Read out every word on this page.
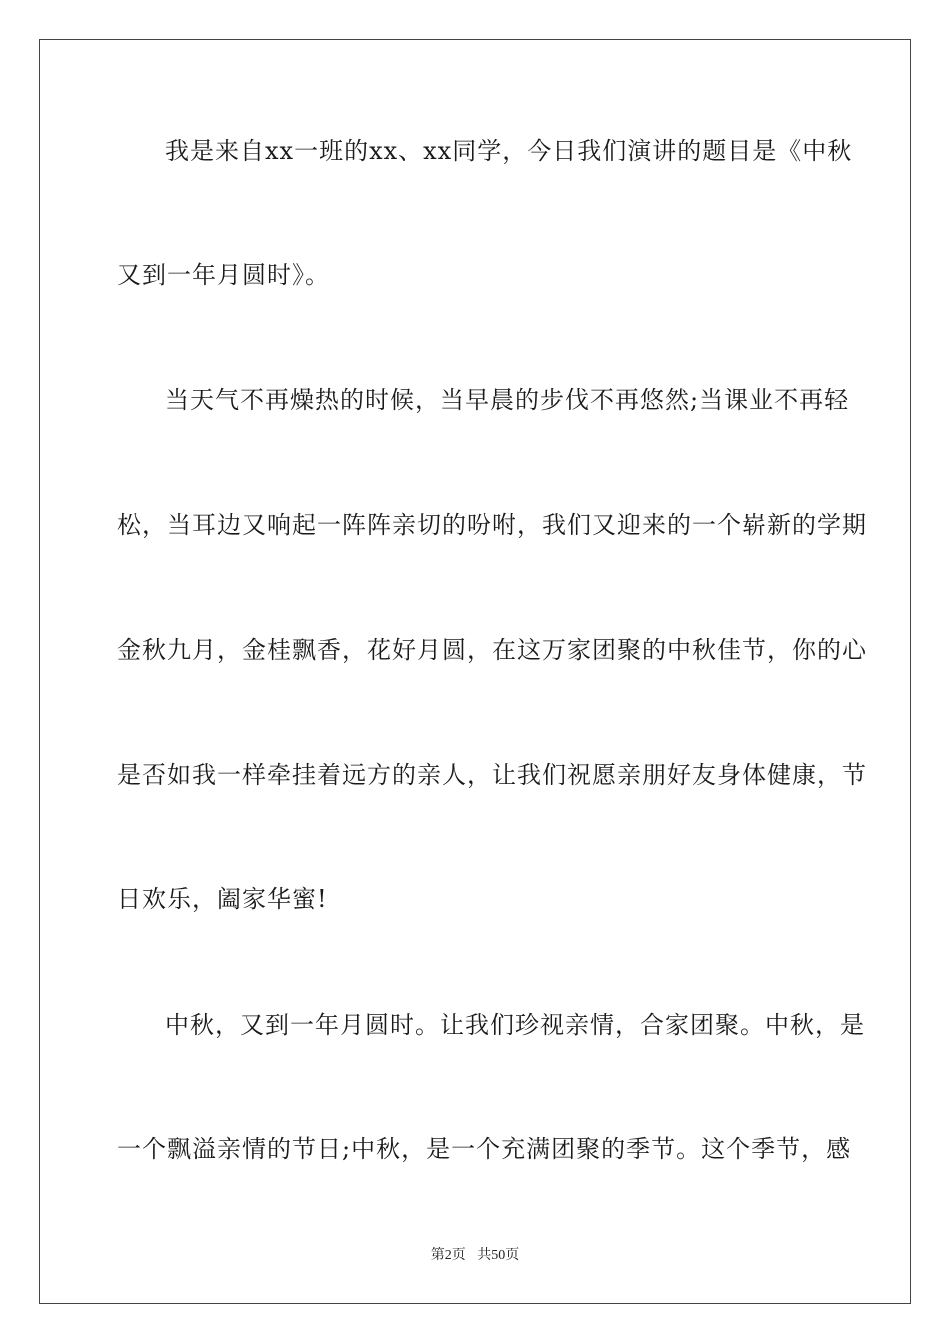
我是来自xx一班的xx、xx同学，今日我们演讲的题目是《中秋
又到一年月圆时》。
当天气不再燥热的时候，当早晨的步伐不再悠然;当课业不再轻
松，当耳边又响起一阵阵亲切的吩咐，我们又迎来的一个崭新的学期
金秋九月，金桂飘香，花好月圆，在这万家团聚的中秋佳节，你的心
是否如我一样牵挂着远方的亲人，让我们祝愿亲朋好友身体健康，节
日欢乐，阖家华蜜!
中秋，又到一年月圆时。让我们珍视亲情，合家团聚。中秋，是
一个飘溢亲情的节日;中秋，是一个充满团聚的季节。这个季节，感
第2页 共50页
